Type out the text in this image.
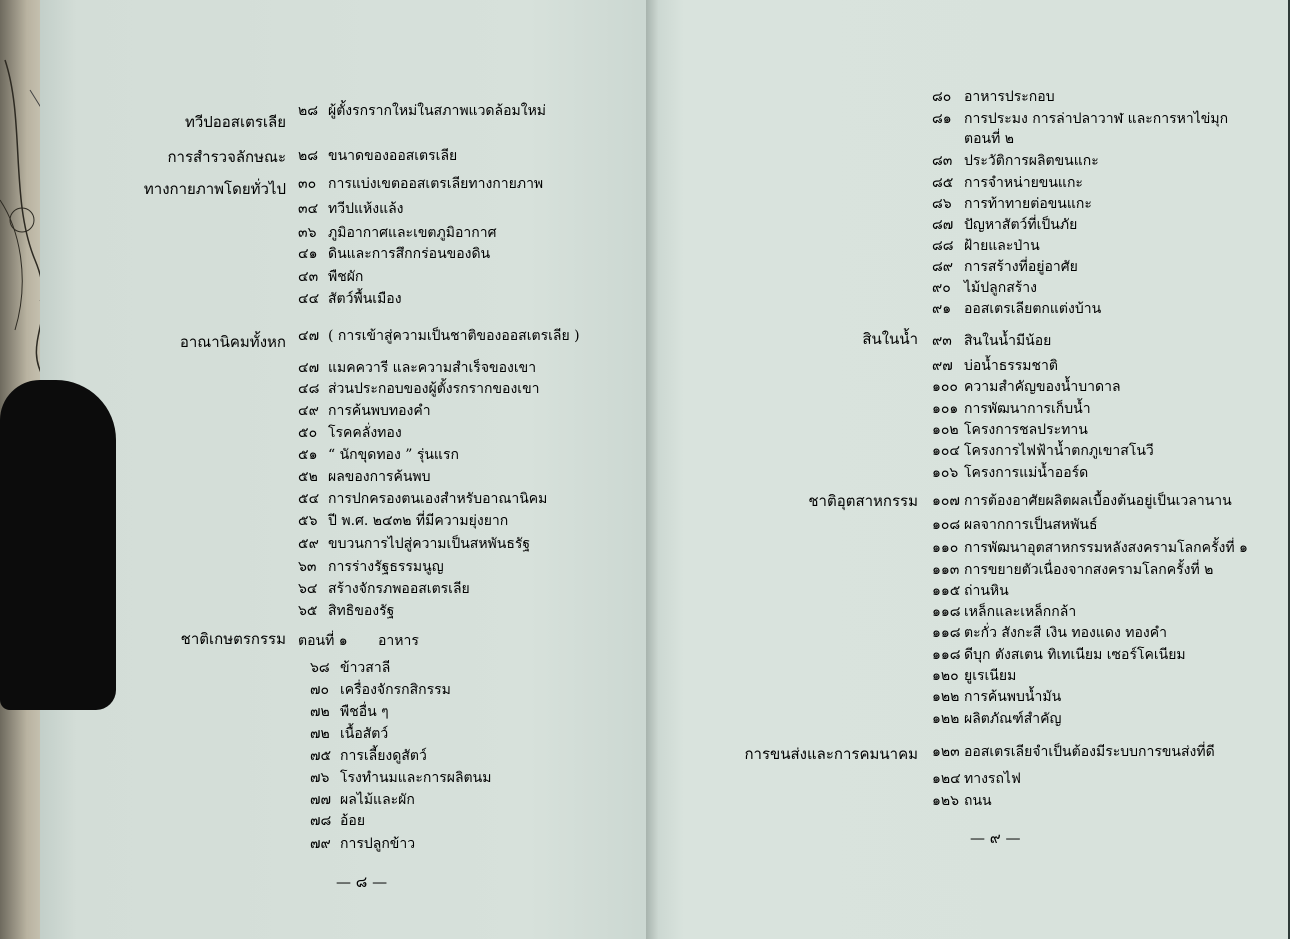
ทวีปออสเตรเลีย
การสำรวจลักษณะ
ทางกายภาพโดยทั่วไป
อาณานิคมทั้งหก
ชาติเกษตรกรรม
๒๘ ผู้ตั้งรกรากใหม่ในสภาพแวดล้อมใหม่
๒๘ ขนาดของออสเตรเลีย
๓๐ การแบ่งเขตออสเตรเลียทางกายภาพ
๓๔ ทวีปแห้งแล้ง
๓๖ ภูมิอากาศและเขตภูมิอากาศ
๔๑ ดินและการสึกกร่อนของดิน
๔๓ พืชผัก
๔๔ สัตว์พื้นเมือง
๔๗ ( การเข้าสู่ความเป็นชาติของออสเตรเลีย )
๔๗ แมคควารี และความสำเร็จของเขา
๔๘ ส่วนประกอบของผู้ตั้งรกรากของเขา
๔๙ การค้นพบทองคำ
๕๐ โรคคลั่งทอง
๕๑ “ นักขุดทอง ” รุ่นแรก
๕๒ ผลของการค้นพบ
๕๔ การปกครองตนเองสำหรับอาณานิคม
๕๖ ปี พ.ศ. ๒๔๓๒ ที่มีความยุ่งยาก
๕๙ ขบวนการไปสู่ความเป็นสหพันธรัฐ
๖๓ การร่างรัฐธรรมนูญ
๖๔ สร้างจักรภพออสเตรเลีย
๖๕ สิทธิของรัฐ
ตอนที่ ๑ อาหาร
๖๘ ข้าวสาลี
๗๐ เครื่องจักรกสิกรรม
๗๒ พืชอื่น ๆ
๗๒ เนื้อสัตว์
๗๕ การเลี้ยงดูสัตว์
๗๖ โรงทำนมและการผลิตนม
๗๗ ผลไม้และผัก
๗๘ อ้อย
๗๙ การปลูกข้าว
— ๘ —
สินในน้ำ
ชาติอุตสาหกรรม
การขนส่งและการคมนาคม
๘๐ อาหารประกอบ
๘๑ การประมง การล่าปลาวาฬ และการหาไข่มุก
ตอนที่ ๒
๘๓ ประวัติการผลิตขนแกะ
๘๕ การจำหน่ายขนแกะ
๘๖ การท้าทายต่อขนแกะ
๘๗ ปัญหาสัตว์ที่เป็นภัย
๘๘ ฝ้ายและป่าน
๘๙ การสร้างที่อยู่อาศัย
๙๐ ไม้ปลูกสร้าง
๙๑ ออสเตรเลียตกแต่งบ้าน
๙๓ สินในน้ำมีน้อย
๙๗ บ่อน้ำธรรมชาติ
๑๐๐ ความสำคัญของน้ำบาดาล
๑๐๑ การพัฒนาการเก็บน้ำ
๑๐๒ โครงการชลประทาน
๑๐๔ โครงการไฟฟ้าน้ำตกภูเขาสโนวี
๑๐๖ โครงการแม่น้ำออร์ด
๑๐๗ การต้องอาศัยผลิตผลเบื้องต้นอยู่เป็นเวลานาน
๑๐๘ ผลจากการเป็นสหพันธ์
๑๑๐ การพัฒนาอุตสาหกรรมหลังสงครามโลกครั้งที่ ๑
๑๑๓ การขยายตัวเนื่องจากสงครามโลกครั้งที่ ๒
๑๑๕ ถ่านหิน
๑๑๘ เหล็กและเหล็กกล้า
๑๑๘ ตะกั่ว สังกะสี เงิน ทองแดง ทองคำ
๑๑๘ ดีบุก ตังสเตน ทิเทเนียม เซอร์โคเนียม
๑๒๐ ยูเรเนียม
๑๒๒ การค้นพบน้ำมัน
๑๒๒ ผลิตภัณฑ์สำคัญ
๑๒๓ ออสเตรเลียจำเป็นต้องมีระบบการขนส่งที่ดี
๑๒๔ ทางรถไฟ
๑๒๖ ถนน
— ๙ —
